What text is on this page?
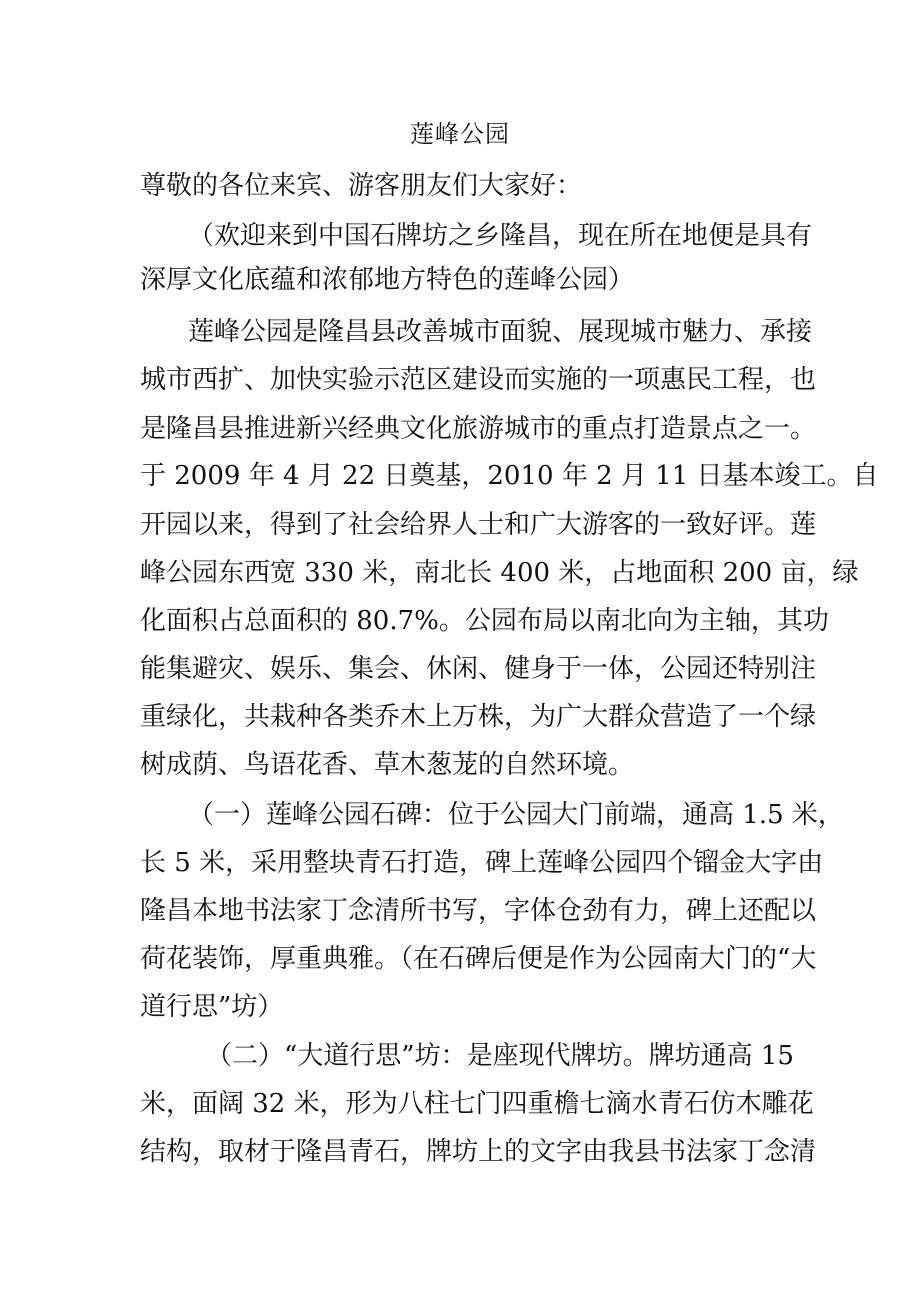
莲峰公园
尊敬的各位来宾、游客朋友们大家好：
（欢迎来到中国石牌坊之乡隆昌，现在所在地便是具有
深厚文化底蕴和浓郁地方特色的莲峰公园）
莲峰公园是隆昌县改善城市面貌、展现城市魅力、承接
城市西扩、加快实验示范区建设而实施的一项惠民工程，也
是隆昌县推进新兴经典文化旅游城市的重点打造景点之一。
于 2009 年 4 月 22 日奠基，2010 年 2 月 11 日基本竣工。自
开园以来，得到了社会给界人士和广大游客的一致好评。莲
峰公园东西宽 330 米，南北长 400 米，占地面积 200 亩，绿
化面积占总面积的 80.7%。公园布局以南北向为主轴，其功
能集避灾、娱乐、集会、休闲、健身于一体，公园还特别注
重绿化，共栽种各类乔木上万株，为广大群众营造了一个绿
树成荫、鸟语花香、草木葱茏的自然环境。
（一）莲峰公园石碑：位于公园大门前端，通高 1.5 米，
长 5 米，采用整块青石打造，碑上莲峰公园四个镏金大字由
隆昌本地书法家丁念清所书写，字体仓劲有力，碑上还配以
荷花装饰，厚重典雅。（在石碑后便是作为公园南大门的“大
道行思”坊）
（二）“大道行思”坊：是座现代牌坊。牌坊通高 15
米，面阔 32 米，形为八柱七门四重檐七滴水青石仿木雕花
结构，取材于隆昌青石，牌坊上的文字由我县书法家丁念清
